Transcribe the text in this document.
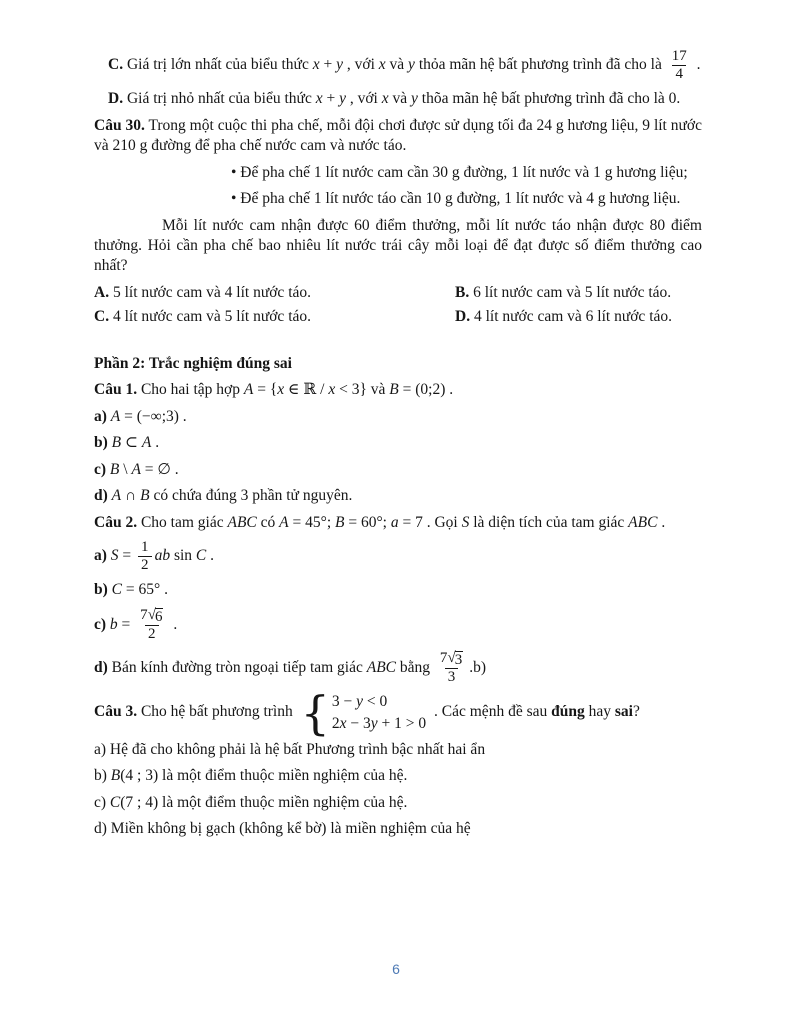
C. Giá trị lớn nhất của biểu thức x + y , với x và y thỏa mãn hệ bất phương trình đã cho là $\frac{17}{4}$ .

D. Giá trị nhỏ nhất của biểu thức x + y , với x và y thõa mãn hệ bất phương trình đã cho là 0.

Câu 30. Trong một cuộc thi pha chế, mỗi đội chơi được sử dụng tối đa 24 g hương liệu, 9 lít nước và 210 g đường để pha chế nước cam và nước táo.

• Để pha chế 1 lít nước cam cần 30 g đường, 1 lít nước và 1 g hương liệu;

• Để pha chế 1 lít nước táo cần 10 g đường, 1 lít nước và 4 g hương liệu.

Mỗi lít nước cam nhận được 60 điểm thưởng, mỗi lít nước táo nhận được 80 điểm thưởng. Hỏi cần pha chế bao nhiêu lít nước trái cây mỗi loại để đạt được số điểm thưởng cao nhất?

A. 5 lít nước cam và 4 lít nước táo.	B. 6 lít nước cam và 5 lít nước táo.

C. 4 lít nước cam và 5 lít nước táo.	D. 4 lít nước cam và 6 lít nước táo.

Phần 2: Trắc nghiệm đúng sai

Câu 1. Cho hai tập hợp A = {x ∈ ℝ / x < 3} và B = (0;2) .

a) A = (−∞;3) .

b) B ⊂ A .

c) B \ A = ∅ .

d) A ∩ B có chứa đúng 3 phần tử nguyên.

Câu 2. Cho tam giác ABC có A = 45°; B = 60°; a = 7 . Gọi S là diện tích của tam giác ABC .

a) $S = \frac{1}{2}$ ab sin C .

b) C = 65° .

c) $b = \frac{7 √ 6}{2}$ .

d) Bán kính đường tròn ngoại tiếp tam giác ABC bằng $\frac{7 √ 3}{3} .b$)

Câu 3. Cho hệ bất phương trình { 3 − y < 0
2x − 3y + 1 > 0
. Các mệnh đề sau đúng hay sai?

a) Hệ đã cho không phải là hệ bất Phương trình bậc nhất hai ẩn

b) B(4 ; 3) là một điểm thuộc miền nghiệm của hệ.

c) C(7 ; 4) là một điểm thuộc miền nghiệm của hệ.

d) Miền không bị gạch (không kể bờ) là miền nghiệm của hệ

6
